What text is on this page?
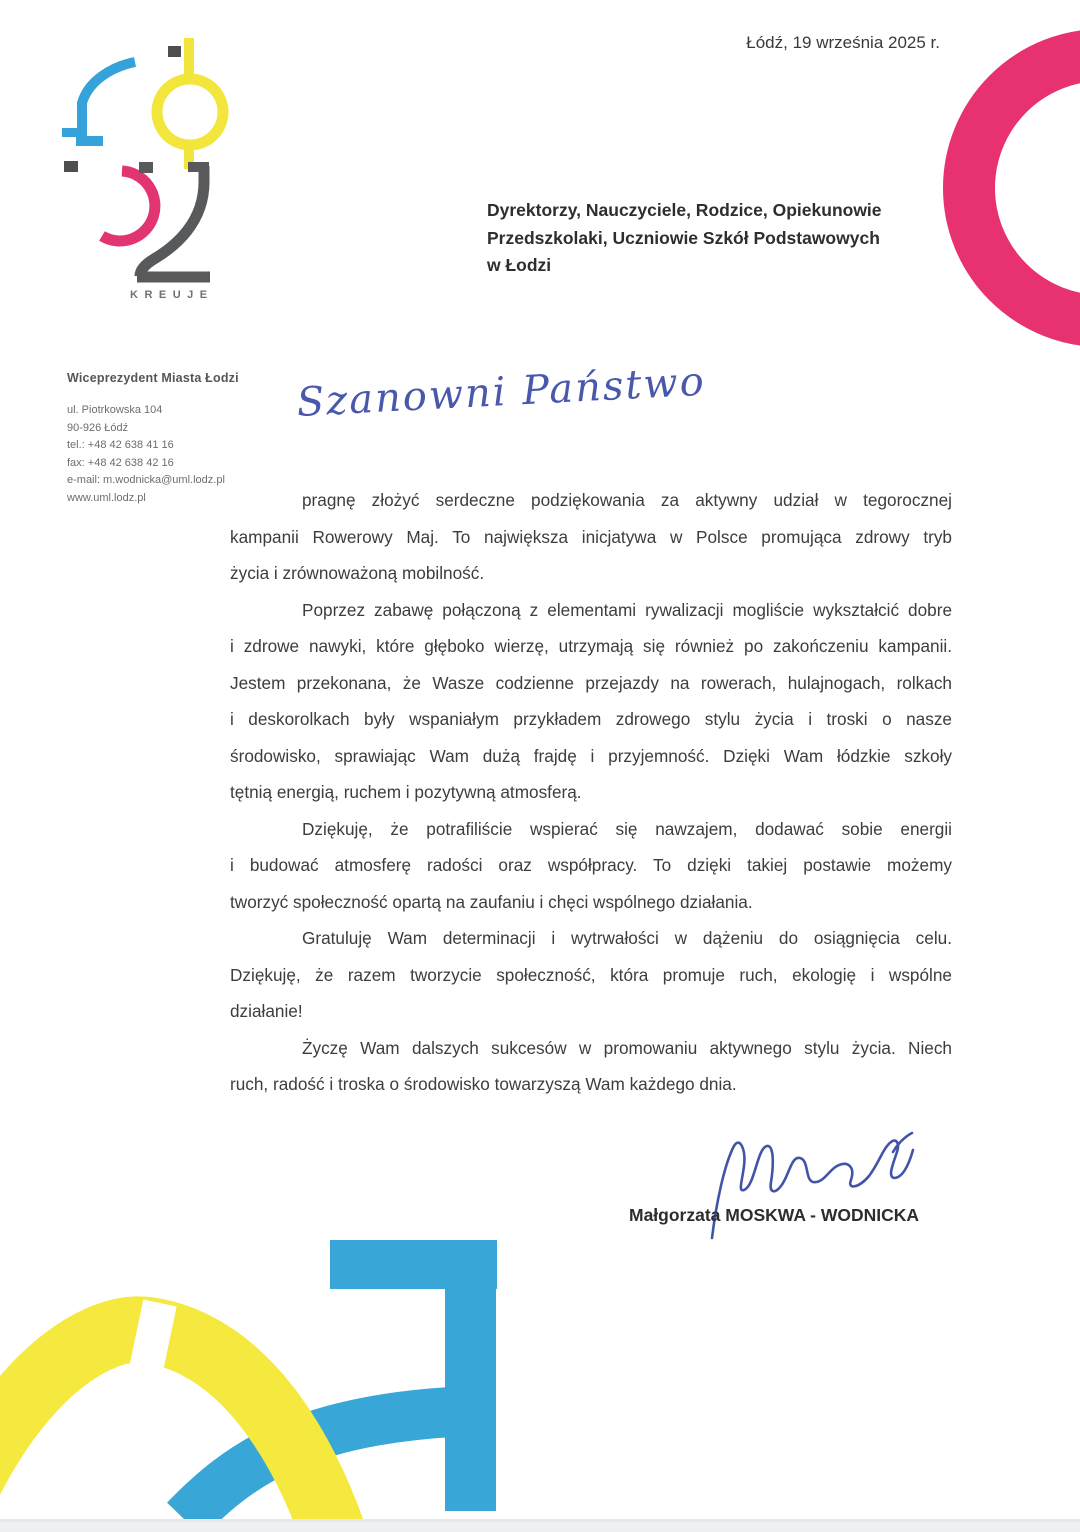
KREUJE
Łódź, 19 września 2025 r.
Dyrektorzy, Nauczyciele, Rodzice, Opiekunowie
Przedszkolaki, Uczniowie Szkół Podstawowych
w Łodzi
Wiceprezydent Miasta Łodzi
ul. Piotrkowska 104
90-926 Łódź
tel.: +48 42 638 41 16
fax: +48 42 638 42 16
e-mail: m.wodnicka@uml.lodz.pl
www.uml.lodz.pl
Szanowni Państwo
pragnę złożyć serdeczne podziękowania za aktywny udział w tegorocznej
kampanii Rowerowy Maj. To największa inicjatywa w Polsce promująca zdrowy tryb
życia i zrównoważoną mobilność.
Poprzez zabawę połączoną z elementami rywalizacji mogliście wykształcić dobre
i zdrowe nawyki, które głęboko wierzę, utrzymają się również po zakończeniu kampanii.
Jestem przekonana, że Wasze codzienne przejazdy na rowerach, hulajnogach, rolkach
i deskorolkach były wspaniałym przykładem zdrowego stylu życia i troski o nasze
środowisko, sprawiając Wam dużą frajdę i przyjemność. Dzięki Wam łódzkie szkoły
tętnią energią, ruchem i pozytywną atmosferą.
Dziękuję, że potrafiliście wspierać się nawzajem, dodawać sobie energii
i budować atmosferę radości oraz współpracy. To dzięki takiej postawie możemy
tworzyć społeczność opartą na zaufaniu i chęci wspólnego działania.
Gratuluję Wam determinacji i wytrwałości w dążeniu do osiągnięcia celu.
Dziękuję, że razem tworzycie społeczność, która promuje ruch, ekologię i wspólne
działanie!
Życzę Wam dalszych sukcesów w promowaniu aktywnego stylu życia. Niech
ruch, radość i troska o środowisko towarzyszą Wam każdego dnia.
Małgorzata MOSKWA - WODNICKA
